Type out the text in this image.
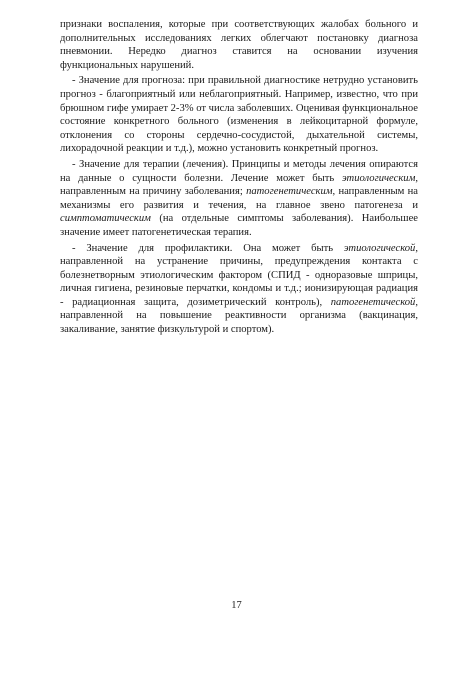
признаки воспаления, которые при соответствующих жалобах больного и дополнительных исследованиях легких облегчают постановку диагноза пневмонии. Нередко диагноз ставится на основании изучения функциональных нарушений.

- Значение для прогноза: при правильной диагностике нетрудно установить прогноз - благоприятный или неблагоприятный. Например, известно, что при брюшном гифе умирает 2-3% от числа заболевших. Оценивая функциональное состояние конкретного больного (изменения в лейкоцитарной формуле, отклонения со стороны сердечно-сосудистой, дыхательной системы, лихорадочной реакции и т.д.), можно установить конкретный прогноз.

- Значение для терапии (лечения). Принципы и методы лечения опираются на данные о сущности болезни. Лечение может быть этиологическим, направленным на причину заболевания; патогенетическим, направленным на механизмы его развития и течения, на главное звено патогенеза и симптоматическим (на отдельные симптомы заболевания). Наибольшее значение имеет патогенетическая терапия.

- Значение для профилактики. Она может быть этиологической, направленной на устранение причины, предупреждения контакта с болезнетворным этиологическим фактором (СПИД - одноразовые шприцы, личная гигиена, резиновые перчатки, кондомы и т.д.; ионизирующая радиация - радиационная защита, дозиметрический контроль), патогенетической, направленной на повышение реактивности организма (вакцинация, закаливание, занятие физкультурой и спортом).

17
